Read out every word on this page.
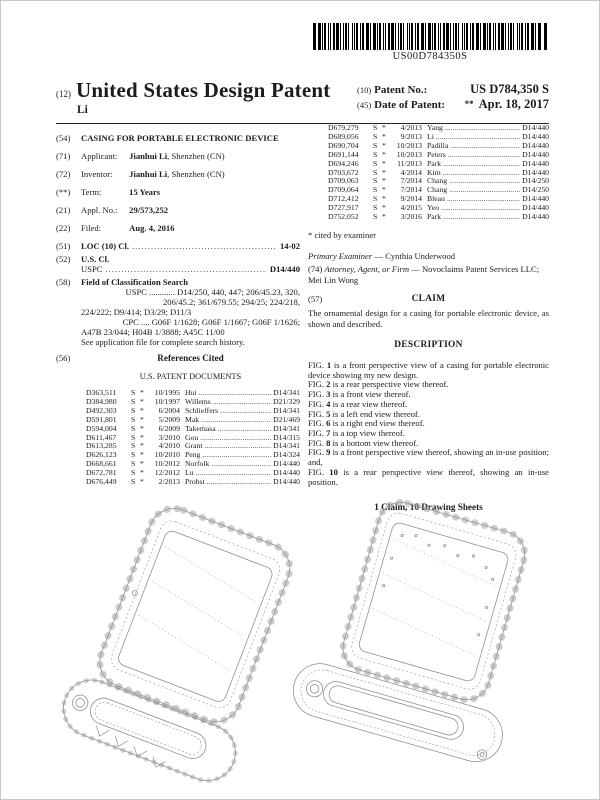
US00D784350S
(12) United States Design Patent
Li
(10) Patent No.:	US D784,350 S
(45) Date of Patent:	** Apr. 18, 2017
(54)	CASING FOR PORTABLE ELECTRONIC DEVICE
(71)	Applicant: Jianhui Li, Shenzhen (CN)
(72)	Inventor: Jianhui Li, Shenzhen (CN)
(**)	Term:	15 Years
(21)	Appl. No.: 29/573,252
(22)	Filed:	Aug. 4, 2016
(51)	LOC (10) Cl. .....	14-02
(52)	U.S. Cl.
USPC .....	D14/440
(58)	Field of Classification Search
USPC ............ D14/250, 440, 447; 206/45.23, 320,
206/45.2; 361/679.55; 294/25; 224/218,
224/222; D9/414; D3/29; D11/3
CPC .... G06F 1/1628; G06F 1/1667; G06F 1/1626;
A47B 23/044; H04B 1/3888; A45C 11/00
See application file for complete search history.
(56)	References Cited
U.S. PATENT DOCUMENTS
D363,511	S *	10/1995 Hui .....	D14/341
D384,980	S *	10/1997 Willems .....	D21/329
D492,303	S *	6/2004 Schlieffers .....	D14/341
D591,801	S *	5/2009 Mak .....	D21/469
D594,004	S *	6/2009 Takemasa .....	D14/341
D611,467	S *	3/2010 Gou .....	D14/315
D613,285	S *	4/2010 Grant .....	D14/341
D626,123	S *	10/2010 Peng .....	D14/324
D668,661	S *	10/2012 Norfolk .....	D14/440
D672,781	S *	12/2012 Lu .....	D14/440
D676,449	S *	2/2013 Probst .....	D14/440
D679,279	S *	4/2013 Yang .....	D14/440
D689,056	S *	9/2013 Li .....	D14/440
D690,704	S *	10/2013 Padilla .....	D14/440
D691,144	S *	10/2013 Peters .....	D14/440
D694,246	S *	11/2013 Park .....	D14/440
D703,672	S *	4/2014 Kim .....	D14/440
D709,063	S *	7/2014 Chang .....	D14/250
D709,064	S *	7/2014 Chang .....	D14/250
D712,412	S *	9/2014 Bleau .....	D14/440
D727,917	S *	4/2015 Yeo .....	D14/440
D752,052	S *	3/2016 Park .....	D14/440
* cited by examiner
Primary Examiner — Cynthia Underwood
(74) Attorney, Agent, or Firm — Novoclaims Patent Services LLC; Mei Lin Wong
(57)	CLAIM
The ornamental design for a casing for portable electronic device, as shown and described.
DESCRIPTION
FIG. 1 is a front perspective view of a casing for portable electronic device showing my new design.
FIG. 2 is a rear perspective view thereof.
FIG. 3 is a front view thereof.
FIG. 4 is a rear view thereof.
FIG. 5 is a left end view thereof.
FIG. 6 is a right end view thereof.
FIG. 7 is a top view thereof.
FIG. 8 is a bottom view thereof.
FIG. 9 is a front perspective view thereof, showing an in-use position; and,
FIG. 10 is a rear perspective view thereof, showing an in-use position.
1 Claim, 10 Drawing Sheets
